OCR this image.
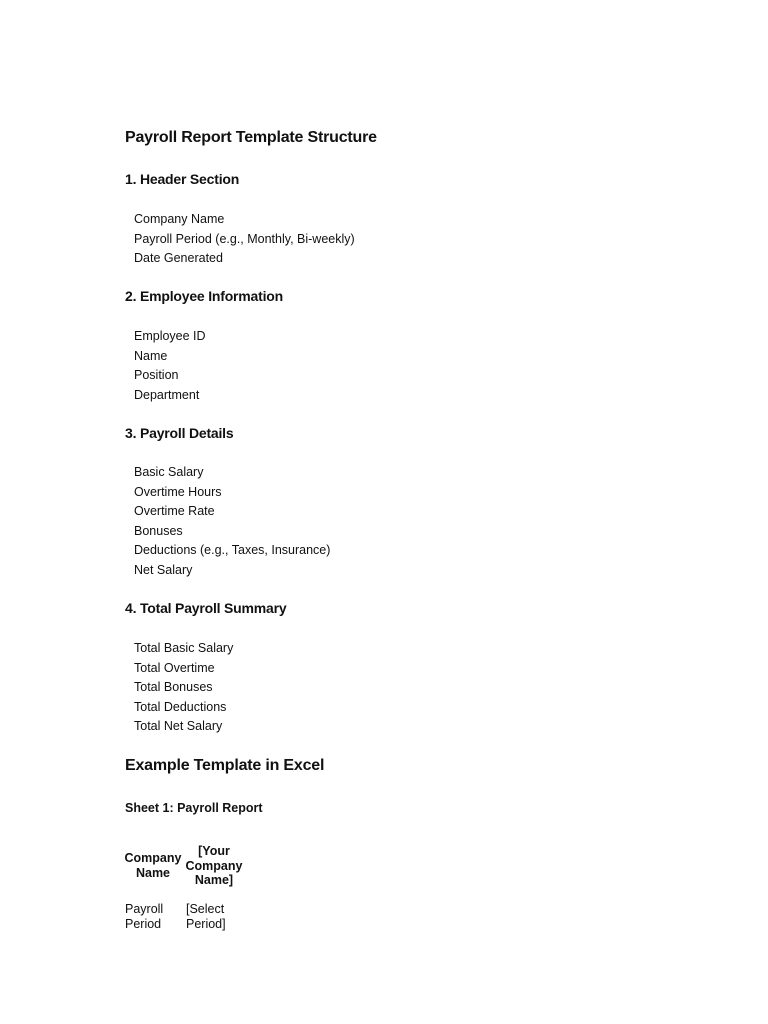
Payroll Report Template Structure
1. Header Section
Company Name
Payroll Period (e.g., Monthly, Bi-weekly)
Date Generated
2. Employee Information
Employee ID
Name
Position
Department
3. Payroll Details
Basic Salary
Overtime Hours
Overtime Rate
Bonuses
Deductions (e.g., Taxes, Insurance)
Net Salary
4. Total Payroll Summary
Total Basic Salary
Total Overtime
Total Bonuses
Total Deductions
Total Net Salary
Example Template in Excel
Sheet 1: Payroll Report
Company
Name
[Your
Company
Name]
Payroll
Period
[Select
Period]
